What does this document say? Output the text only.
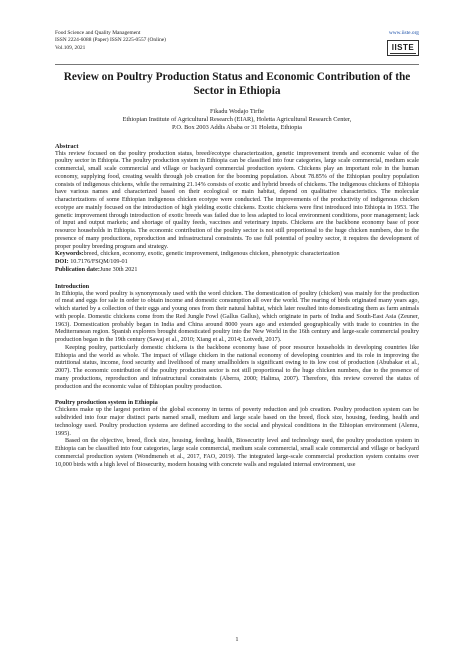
Food Science and Quality Management
ISSN 2224-6088 (Paper) ISSN 2225-0557 (Online)
Vol.109, 2021
www.iiste.org
IISTE
Review on Poultry Production Status and Economic Contribution of the Sector in Ethiopia
Fikadu Wodajo Tirfie
Ethiopian Institute of Agricultural Research (EIAR), Holetta Agricultural Research Center,
P.O. Box 2003 Addis Ababa or 31 Holetta, Ethiopia
Abstract

This review focused on the poultry production status, breed/ecotype characterization, genetic improvement trends and economic value of the poultry sector in Ethiopia. The poultry production system in Ethiopia can be classified into four categories, large scale commercial, medium scale commercial, small scale commercial and village or backyard commercial production system. Chickens play an important role in the human economy, supplying food, creating wealth through job creation for the booming population. About 78.85% of the Ethiopian poultry population consists of indigenous chickens, while the remaining 21.14% consists of exotic and hybrid breeds of chickens. The indigenous chickens of Ethiopia have various names and characterized based on their ecological or main habitat, depend on qualitative characteristics. The molecular characterizations of some Ethiopian indigenous chicken ecotype were conducted. The improvements of the productivity of indigenous chicken ecotype are mainly focused on the introduction of high yielding exotic chickens. Exotic chickens were first introduced into Ethiopia in 1953. The genetic improvement through introduction of exotic breeds was failed due to less adapted to local environment conditions, poor management; lack of input and output markets; and shortage of quality feeds, vaccines and veterinary inputs. Chickens are the backbone economy base of poor resource households in Ethiopia. The economic contribution of the poultry sector is not still proportional to the huge chicken numbers, due to the presence of many productions, reproduction and infrastructural constraints. To use full potential of poultry sector, it requires the development of proper poultry breeding program and strategy.

Keywords:breed, chicken, economy, exotic, genetic improvement, indigenous chicken, phenotypic characterization

DOI: 10.7176/FSQM/109-01

Publication date:June 30th 2021

Introduction

In Ethiopia, the word poultry is synonymously used with the word chicken. The domestication of poultry (chicken) was mainly for the production of meat and eggs for sale in order to obtain income and domestic consumption all over the world. The rearing of birds originated many years ago, which started by a collection of their eggs and young ones from their natural habitat, which later resulted into domesticating them as farm animals with people. Domestic chickens come from the Red Jungle Fowl (Gallus Gallus), which originate in parts of India and South-East Asia (Zeuner, 1963). Domestication probably began in India and China around 8000 years ago and extended geographically with trade to countries in the Mediterranean region. Spanish explorers brought domesticated poultry into the New World in the 16th century and large-scale commercial poultry production began in the 19th century (Sawaj et al., 2010; Xiang et al., 2014; Lotvedt, 2017).

Keeping poultry, particularly domestic chickens is the backbone economy base of poor resource households in developing countries like Ethiopia and the world as whole. The impact of village chicken in the national economy of developing countries and its role in improving the nutritional status, income, food security and livelihood of many smallholders is significant owing to its low cost of production (Abubakar et al., 2007). The economic contribution of the poultry production sector is not still proportional to the huge chicken numbers, due to the presence of many productions, reproduction and infrastructural constraints (Aberra, 2000; Halima, 2007). Therefore, this review covered the status of production and the economic value of Ethiopian poultry production.

Poultry production system in Ethiopia

Chickens make up the largest portion of the global economy in terms of poverty reduction and job creation. Poultry production system can be subdivided into four major distinct parts named small, medium and large scale based on the breed, flock size, housing, feeding, health and technology used. Poultry production systems are defined according to the social and physical conditions in the Ethiopian environment (Alemu, 1995).

Based on the objective, breed, flock size, housing, feeding, health, Biosecurity level and technology used, the poultry production system in Ethiopia can be classified into four categories, large scale commercial, medium scale commercial, small scale commercial and village or backyard commercial production system (Wondmeneh et al., 2017, FAO, 2019). The integrated large-scale commercial production system contains over 10,000 birds with a high level of Biosecurity, modern housing with concrete walls and regulated internal environment, use

1
